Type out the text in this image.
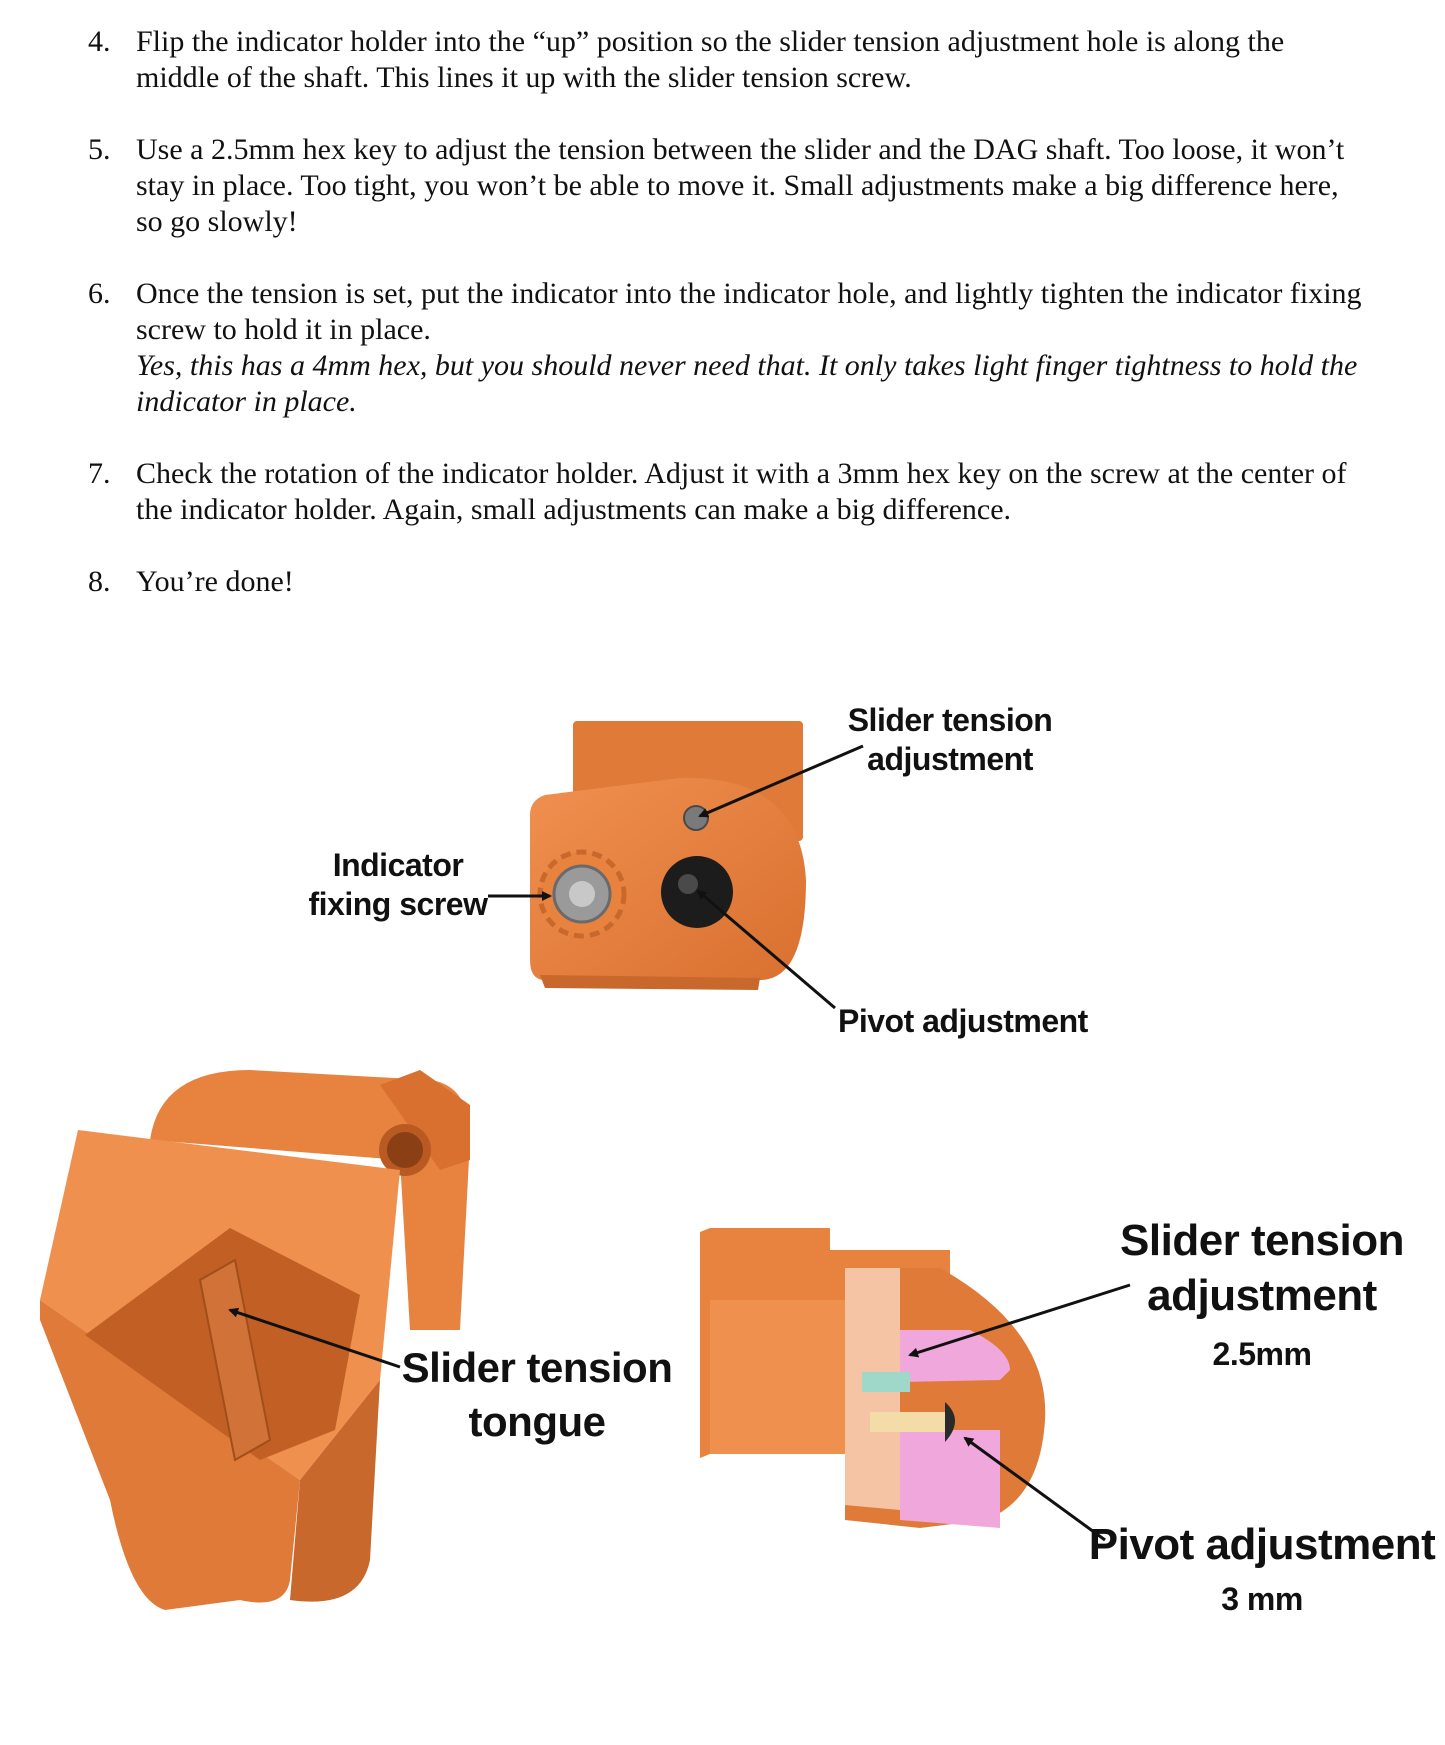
4. Flip the indicator holder into the “up” position so the slider tension adjustment hole is along the middle of the shaft. This lines it up with the slider tension screw.
5. Use a 2.5mm hex key to adjust the tension between the slider and the DAG shaft. Too loose, it won’t stay in place. Too tight, you won’t be able to move it. Small adjustments make a big difference here, so go slowly!
6. Once the tension is set, put the indicator into the indicator hole, and lightly tighten the indicator fixing screw to hold it in place.
Yes, this has a 4mm hex, but you should never need that. It only takes light finger tightness to hold the indicator in place.
7. Check the rotation of the indicator holder. Adjust it with a 3mm hex key on the screw at the center of the indicator holder. Again, small adjustments can make a big difference.
8. You’re done!
Slider tension
adjustment
Indicator
fixing screw
Pivot adjustment
Slider tension
tongue
Slider tension
adjustment
2.5mm
Pivot adjustment
3 mm
